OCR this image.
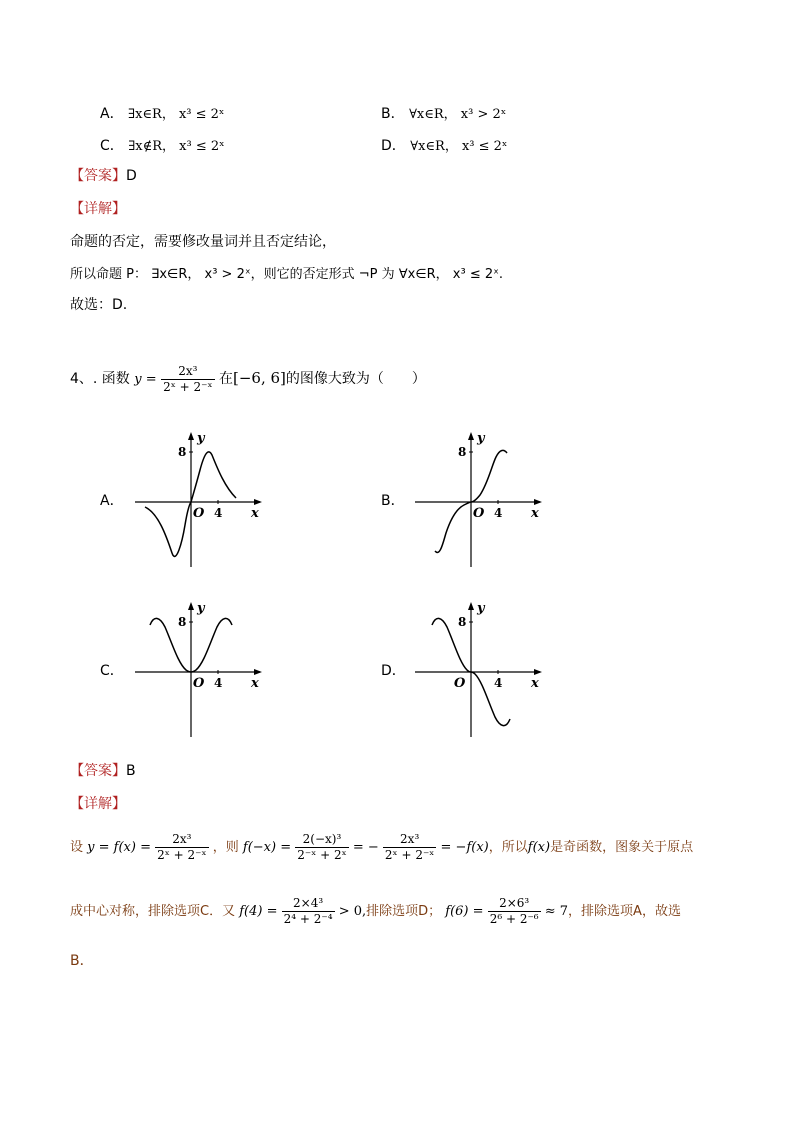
A． ∃x∈R， x³ ≤ 2ˣ	B． ∀x∈R， x³ > 2ˣ
C． ∃x∉R， x³ ≤ 2ˣ	D． ∀x∈R， x³ ≤ 2ˣ
【答案】D
【详解】
命题的否定，需要修改量词并且否定结论，
所以命题 P： ∃x∈R， x³ > 2ˣ，则它的否定形式 ¬P 为 ∀x∈R， x³ ≤ 2ˣ.
故选：D.
4、. 函数 $y = \frac{\text{2x³}}{\text{2ˣ + 2⁻ˣ}}$ 在[−6, 6]的图像大致为（　　）
A．	B．
C．	D．
8
y
O 4 x
8
y
O 4 x
8
y
O 4 x
8
y
O 4 x
【答案】B
【详解】
设 $y = f(x) = \frac{\text{2x³}}{\text{2ˣ + 2⁻ˣ}}$ ，则 $f(-x) = \frac{\text{2(−x)³}}{\text{2⁻ˣ + 2ˣ}}$ = − $\frac{\text{2x³}}{\text{2ˣ + 2⁻ˣ}} = -f(x)$，所以f(x)是奇函数，图象关于原点
成中心对称，排除选项C．又 $f(4) = \frac{\text{2×4³}}{\text{2⁴ + 2⁻⁴}} > 0$,排除选项D； $f(6) = \frac{\text{2×6³}}{\text{2⁶ + 2⁻⁶}} \approx 7$，排除选项A，故选
B．
